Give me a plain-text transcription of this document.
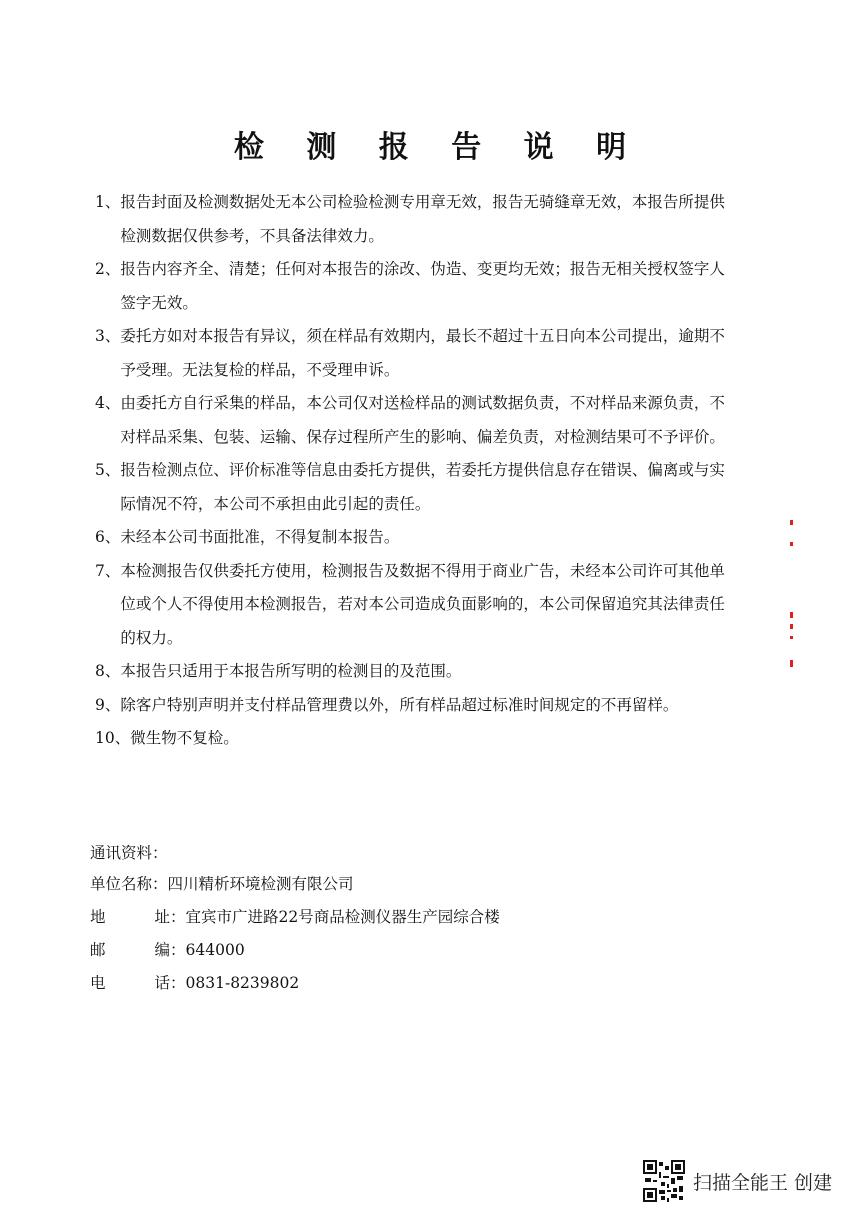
检 测 报 告 说 明
1、 报告封面及检测数据处无本公司检验检测专用章无效，报告无骑缝章无效，本报告所提供检测数据仅供参考，不具备法律效力。
2、 报告内容齐全、清楚；任何对本报告的涂改、伪造、变更均无效；报告无相关授权签字人签字无效。
3、 委托方如对本报告有异议，须在样品有效期内，最长不超过十五日向本公司提出，逾期不予受理。无法复检的样品，不受理申诉。
4、 由委托方自行采集的样品，本公司仅对送检样品的测试数据负责，不对样品来源负责，不对样品采集、包装、运输、保存过程所产生的影响、偏差负责，对检测结果可不予评价。
5、 报告检测点位、评价标准等信息由委托方提供，若委托方提供信息存在错误、偏离或与实际情况不符，本公司不承担由此引起的责任。
6、 未经本公司书面批准，不得复制本报告。
7、 本检测报告仅供委托方使用，检测报告及数据不得用于商业广告，未经本公司许可其他单位或个人不得使用本检测报告，若对本公司造成负面影响的，本公司保留追究其法律责任的权力。
8、 本报告只适用于本报告所写明的检测目的及范围。
9、 除客户特别声明并支付样品管理费以外，所有样品超过标准时间规定的不再留样。
10、 微生物不复检。
通讯资料：
单位名称 ： 四川精析环境检测有限公司
地	址 ： 宜宾市广进路22号商品检测仪器生产园综合楼
邮	编 ： 644000
电	话 ： 0831-8239802
扫描全能王 创建
